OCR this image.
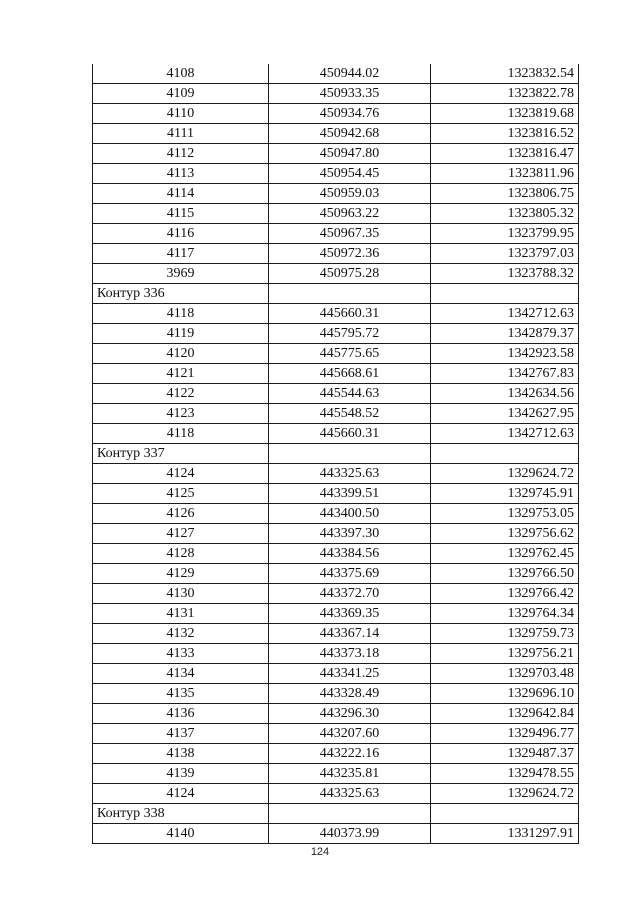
4108	450944.02	1323832.54
4109	450933.35	1323822.78
4110	450934.76	1323819.68
4111	450942.68	1323816.52
4112	450947.80	1323816.47
4113	450954.45	1323811.96
4114	450959.03	1323806.75
4115	450963.22	1323805.32
4116	450967.35	1323799.95
4117	450972.36	1323797.03
3969	450975.28	1323788.32
Контур 336		
4118	445660.31	1342712.63
4119	445795.72	1342879.37
4120	445775.65	1342923.58
4121	445668.61	1342767.83
4122	445544.63	1342634.56
4123	445548.52	1342627.95
4118	445660.31	1342712.63
Контур 337		
4124	443325.63	1329624.72
4125	443399.51	1329745.91
4126	443400.50	1329753.05
4127	443397.30	1329756.62
4128	443384.56	1329762.45
4129	443375.69	1329766.50
4130	443372.70	1329766.42
4131	443369.35	1329764.34
4132	443367.14	1329759.73
4133	443373.18	1329756.21
4134	443341.25	1329703.48
4135	443328.49	1329696.10
4136	443296.30	1329642.84
4137	443207.60	1329496.77
4138	443222.16	1329487.37
4139	443235.81	1329478.55
4124	443325.63	1329624.72
Контур 338		
4140	440373.99	1331297.91
124
